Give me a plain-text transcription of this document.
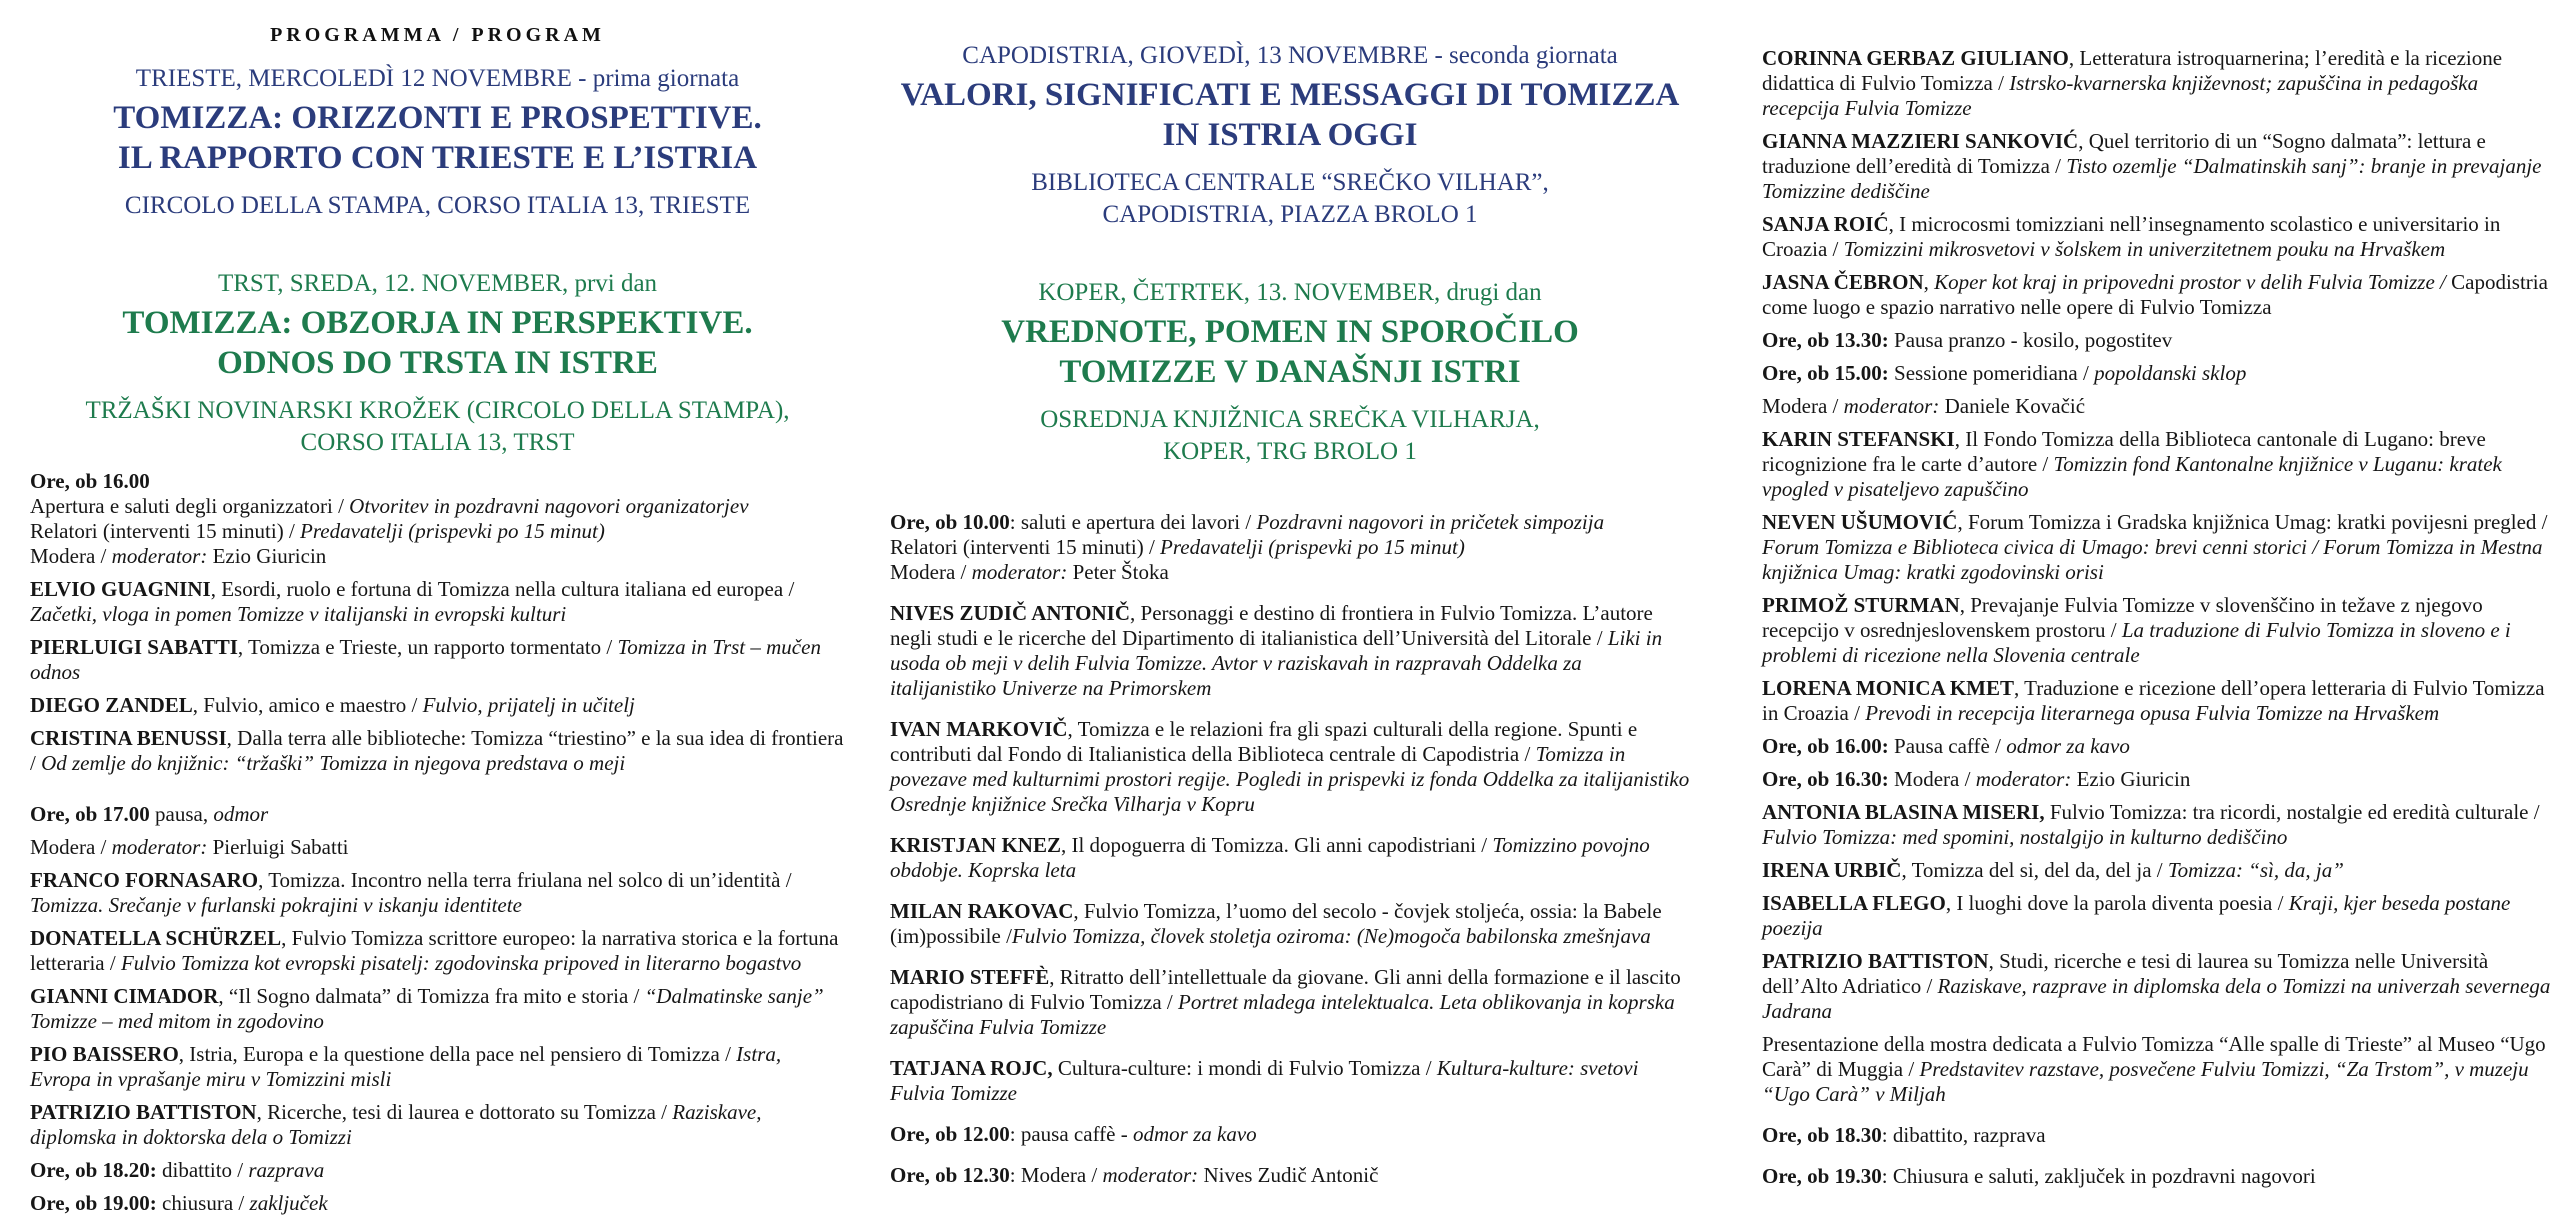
PROGRAMMA / PROGRAM
TRIESTE, MERCOLEDÌ 12 NOVEMBRE - prima giornata
TOMIZZA: ORIZZONTI E PROSPETTIVE.
IL RAPPORTO CON TRIESTE E L’ISTRIA
CIRCOLO DELLA STAMPA, CORSO ITALIA 13, TRIESTE
TRST, SREDA, 12. NOVEMBER, prvi dan
TOMIZZA: OBZORJA IN PERSPEKTIVE.
ODNOS DO TRSTA IN ISTRE
TRŽAŠKI NOVINARSKI KROŽEK (CIRCOLO DELLA STAMPA),
CORSO ITALIA 13, TRST

Ore, ob 16.00

Apertura e saluti degli organizzatori / Otvoritev in pozdravni nagovori organizatorjev

Relatori (interventi 15 minuti) / Predavatelji (prispevki po 15 minut)

Modera / moderator: Ezio Giuricin

ELVIO GUAGNINI, Esordi, ruolo e fortuna di Tomizza nella cultura italiana ed europea / Začetki, vloga in pomen Tomizze v italijanski in evropski kulturi

PIERLUIGI SABATTI, Tomizza e Trieste, un rapporto tormentato / Tomizza in Trst – mučen odnos

DIEGO ZANDEL, Fulvio, amico e maestro / Fulvio, prijatelj in učitelj

CRISTINA BENUSSI, Dalla terra alle biblioteche: Tomizza “triestino” e la sua idea di frontiera / Od zemlje do knjižnic: “tržaški” Tomizza in njegova predstava o meji

Ore, ob 17.00 pausa, odmor

Modera / moderator: Pierluigi Sabatti

FRANCO FORNASARO, Tomizza. Incontro nella terra friulana nel solco di un’identità / Tomizza. Srečanje v furlanski pokrajini v iskanju identitete

DONATELLA SCHÜRZEL, Fulvio Tomizza scrittore europeo: la narrativa storica e la fortuna letteraria / Fulvio Tomizza kot evropski pisatelj: zgodovinska pripoved in literarno bogastvo

GIANNI CIMADOR, “Il Sogno dalmata” di Tomizza fra mito e storia / “Dalmatinske sanje” Tomizze – med mitom in zgodovino

PIO BAISSERO, Istria, Europa e la questione della pace nel pensiero di Tomizza / Istra, Evropa in vprašanje miru v Tomizzini misli

PATRIZIO BATTISTON, Ricerche, tesi di laurea e dottorato su Tomizza / Raziskave, diplomska in doktorska dela o Tomizzi

Ore, ob 18.20: dibattito / razprava

Ore, ob 19.00: chiusura / zaključek

CAPODISTRIA, GIOVEDÌ, 13 NOVEMBRE - seconda giornata
VALORI, SIGNIFICATI E MESSAGGI DI TOMIZZA
IN ISTRIA OGGI
BIBLIOTECA CENTRALE “SREČKO VILHAR”,
CAPODISTRIA, PIAZZA BROLO 1
KOPER, ČETRTEK, 13. NOVEMBER, drugi dan
VREDNOTE, POMEN IN SPOROČILO
TOMIZZE V DANAŠNJI ISTRI
OSREDNJA KNJIŽNICA SREČKA VILHARJA,
KOPER, TRG BROLO 1

Ore, ob 10.00: saluti e apertura dei lavori / Pozdravni nagovori in pričetek simpozija

Relatori (interventi 15 minuti) / Predavatelji (prispevki po 15 minut)

Modera / moderator: Peter Štoka

NIVES ZUDIČ ANTONIČ, Personaggi e destino di frontiera in Fulvio Tomizza. L’autore negli studi e le ricerche del Dipartimento di italianistica dell’Università del Litorale / Liki in usoda ob meji v delih Fulvia Tomizze. Avtor v raziskavah in razpravah Oddelka za italijanistiko Univerze na Primorskem

IVAN MARKOVIČ, Tomizza e le relazioni fra gli spazi culturali della regione. Spunti e contributi dal Fondo di Italianistica della Biblioteca centrale di Capodistria / Tomizza in povezave med kulturnimi prostori regije. Pogledi in prispevki iz fonda Oddelka za italijanistiko Osrednje knjižnice Srečka Vilharja v Kopru

KRISTJAN KNEZ, Il dopoguerra di Tomizza. Gli anni capodistriani / Tomizzino povojno obdobje. Koprska leta

MILAN RAKOVAC, Fulvio Tomizza, l’uomo del secolo - čovjek stoljeća, ossia: la Babele (im)possibile /Fulvio Tomizza, človek stoletja oziroma: (Ne)mogoča babilonska zmešnjava

MARIO STEFFÈ, Ritratto dell’intellettuale da giovane. Gli anni della formazione e il lascito capodistriano di Fulvio Tomizza / Portret mladega intelektualca. Leta oblikovanja in koprska zapuščina Fulvia Tomizze

TATJANA ROJC, Cultura-culture: i mondi di Fulvio Tomizza / Kultura-kulture: svetovi Fulvia Tomizze

Ore, ob 12.00: pausa caffè - odmor za kavo

Ore, ob 12.30: Modera / moderator: Nives Zudič Antonič

CORINNA GERBAZ GIULIANO, Letteratura istroquarnerina; l’eredità e la ricezione didattica di Fulvio Tomizza / Istrsko-kvarnerska književnost; zapuščina in pedagoška recepcija Fulvia Tomizze

GIANNA MAZZIERI SANKOVIĆ, Quel territorio di un “Sogno dalmata”: lettura e traduzione dell’eredità di Tomizza / Tisto ozemlje “Dalmatinskih sanj”: branje in prevajanje Tomizzine dediščine

SANJA ROIĆ, I microcosmi tomizziani nell’insegnamento scolastico e universitario in Croazia / Tomizzini mikrosvetovi v šolskem in univerzitetnem pouku na Hrvaškem

JASNA ČEBRON, Koper kot kraj in pripovedni prostor v delih Fulvia Tomizze / Capodistria come luogo e spazio narrativo nelle opere di Fulvio Tomizza

Ore, ob 13.30: Pausa pranzo - kosilo, pogostitev

Ore, ob 15.00: Sessione pomeridiana / popoldanski sklop

Modera / moderator: Daniele Kovačić

KARIN STEFANSKI, Il Fondo Tomizza della Biblioteca cantonale di Lugano: breve ricognizione fra le carte d’autore / Tomizzin fond Kantonalne knjižnice v Luganu: kratek vpogled v pisateljevo zapuščino

NEVEN UŠUMOVIĆ, Forum Tomizza i Gradska knjižnica Umag: kratki povijesni pregled / Forum Tomizza e Biblioteca civica di Umago: brevi cenni storici / Forum Tomizza in Mestna knjižnica Umag: kratki zgodovinski orisi

PRIMOŽ STURMAN, Prevajanje Fulvia Tomizze v slovenščino in težave z njegovo recepcijo v osrednjeslovenskem prostoru / La traduzione di Fulvio Tomizza in sloveno e i problemi di ricezione nella Slovenia centrale

LORENA MONICA KMET, Traduzione e ricezione dell’opera letteraria di Fulvio Tomizza in Croazia / Prevodi in recepcija literarnega opusa Fulvia Tomizze na Hrvaškem

Ore, ob 16.00: Pausa caffè / odmor za kavo

Ore, ob 16.30: Modera / moderator: Ezio Giuricin

ANTONIA BLASINA MISERI, Fulvio Tomizza: tra ricordi, nostalgie ed eredità culturale / Fulvio Tomizza: med spomini, nostalgijo in kulturno dediščino

IRENA URBIČ, Tomizza del si, del da, del ja / Tomizza: “sì, da, ja”

ISABELLA FLEGO, I luoghi dove la parola diventa poesia / Kraji, kjer beseda postane poezija

PATRIZIO BATTISTON, Studi, ricerche e tesi di laurea su Tomizza nelle Università dell’Alto Adriatico / Raziskave, razprave in diplomska dela o Tomizzi na univerzah severnega Jadrana

Presentazione della mostra dedicata a Fulvio Tomizza “Alle spalle di Trieste” al Museo “Ugo Carà” di Muggia / Predstavitev razstave, posvečene Fulviu Tomizzi, “Za Trstom”, v muzeju “Ugo Carà” v Miljah

Ore, ob 18.30: dibattito, razprava

Ore, ob 19.30: Chiusura e saluti, zaključek in pozdravni nagovori
